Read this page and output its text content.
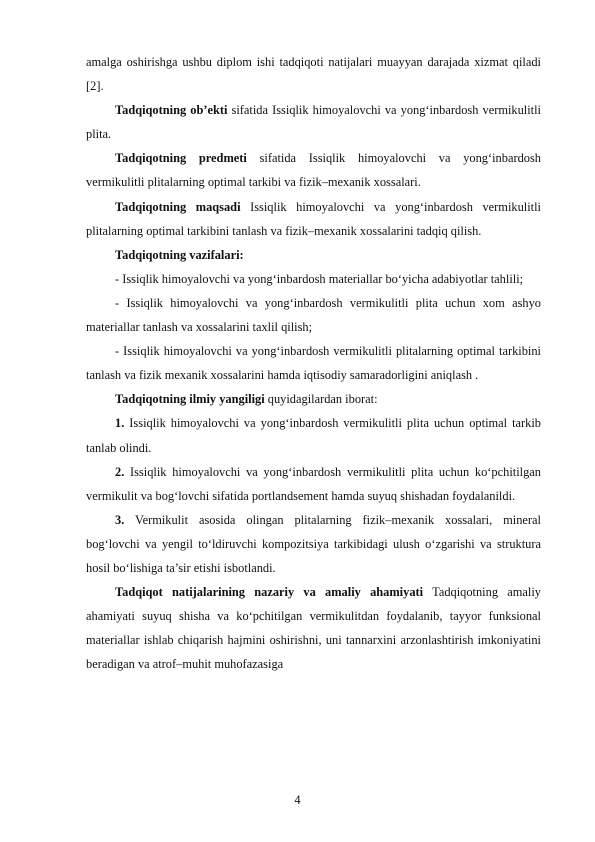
amalga oshirishga ushbu diplom ishi tadqiqoti natijalari muayyan darajada xizmat qiladi [2].

Tadqiqotning ob’ekti sifatida Issiqlik himoyalovchi va yong‘inbardosh vermikulitli plita.

Tadqiqotning predmeti sifatida Issiqlik himoyalovchi va yong‘inbardosh vermikulitli plitalarning optimal tarkibi va fizik–mexanik xossalari.

Tadqiqotning maqsadi Issiqlik himoyalovchi va yong‘inbardosh vermikulitli plitalarning optimal tarkibini tanlash va fizik–mexanik xossalarini tadqiq qilish.

Tadqiqotning vazifalari:

- Issiqlik himoyalovchi va yong‘inbardosh materiallar bo‘yicha adabiyotlar tahlili;

- Issiqlik himoyalovchi va yong‘inbardosh vermikulitli plita uchun xom ashyo materiallar tanlash va xossalarini taxlil qilish;

- Issiqlik himoyalovchi va yong‘inbardosh vermikulitli plitalarning optimal tarkibini tanlash va fizik mexanik xossalarini hamda iqtisodiy samaradorligini aniqlash .

Tadqiqotning ilmiy yangiligi quyidagilardan iborat:

1. Issiqlik himoyalovchi va yong‘inbardosh vermikulitli plita uchun optimal tarkib tanlab olindi.

2. Issiqlik himoyalovchi va yong‘inbardosh vermikulitli plita uchun ko‘pchitilgan vermikulit va bog‘lovchi sifatida portlandsement hamda suyuq shishadan foydalanildi.

3. Vermikulit asosida olingan plitalarning fizik–mexanik xossalari, mineral bog‘lovchi va yengil to‘ldiruvchi kompozitsiya tarkibidagi ulush o‘zgarishi va struktura hosil bo‘lishiga ta’sir etishi isbotlandi.

Tadqiqot natijalarining nazariy va amaliy ahamiyati Tadqiqotning amaliy ahamiyati suyuq shisha va ko‘pchitilgan vermikulitdan foydalanib, tayyor funksional materiallar ishlab chiqarish hajmini oshirishni, uni tannarxini arzonlashtirish imkoniyatini beradigan va atrof–muhit muhofazasiga

4
